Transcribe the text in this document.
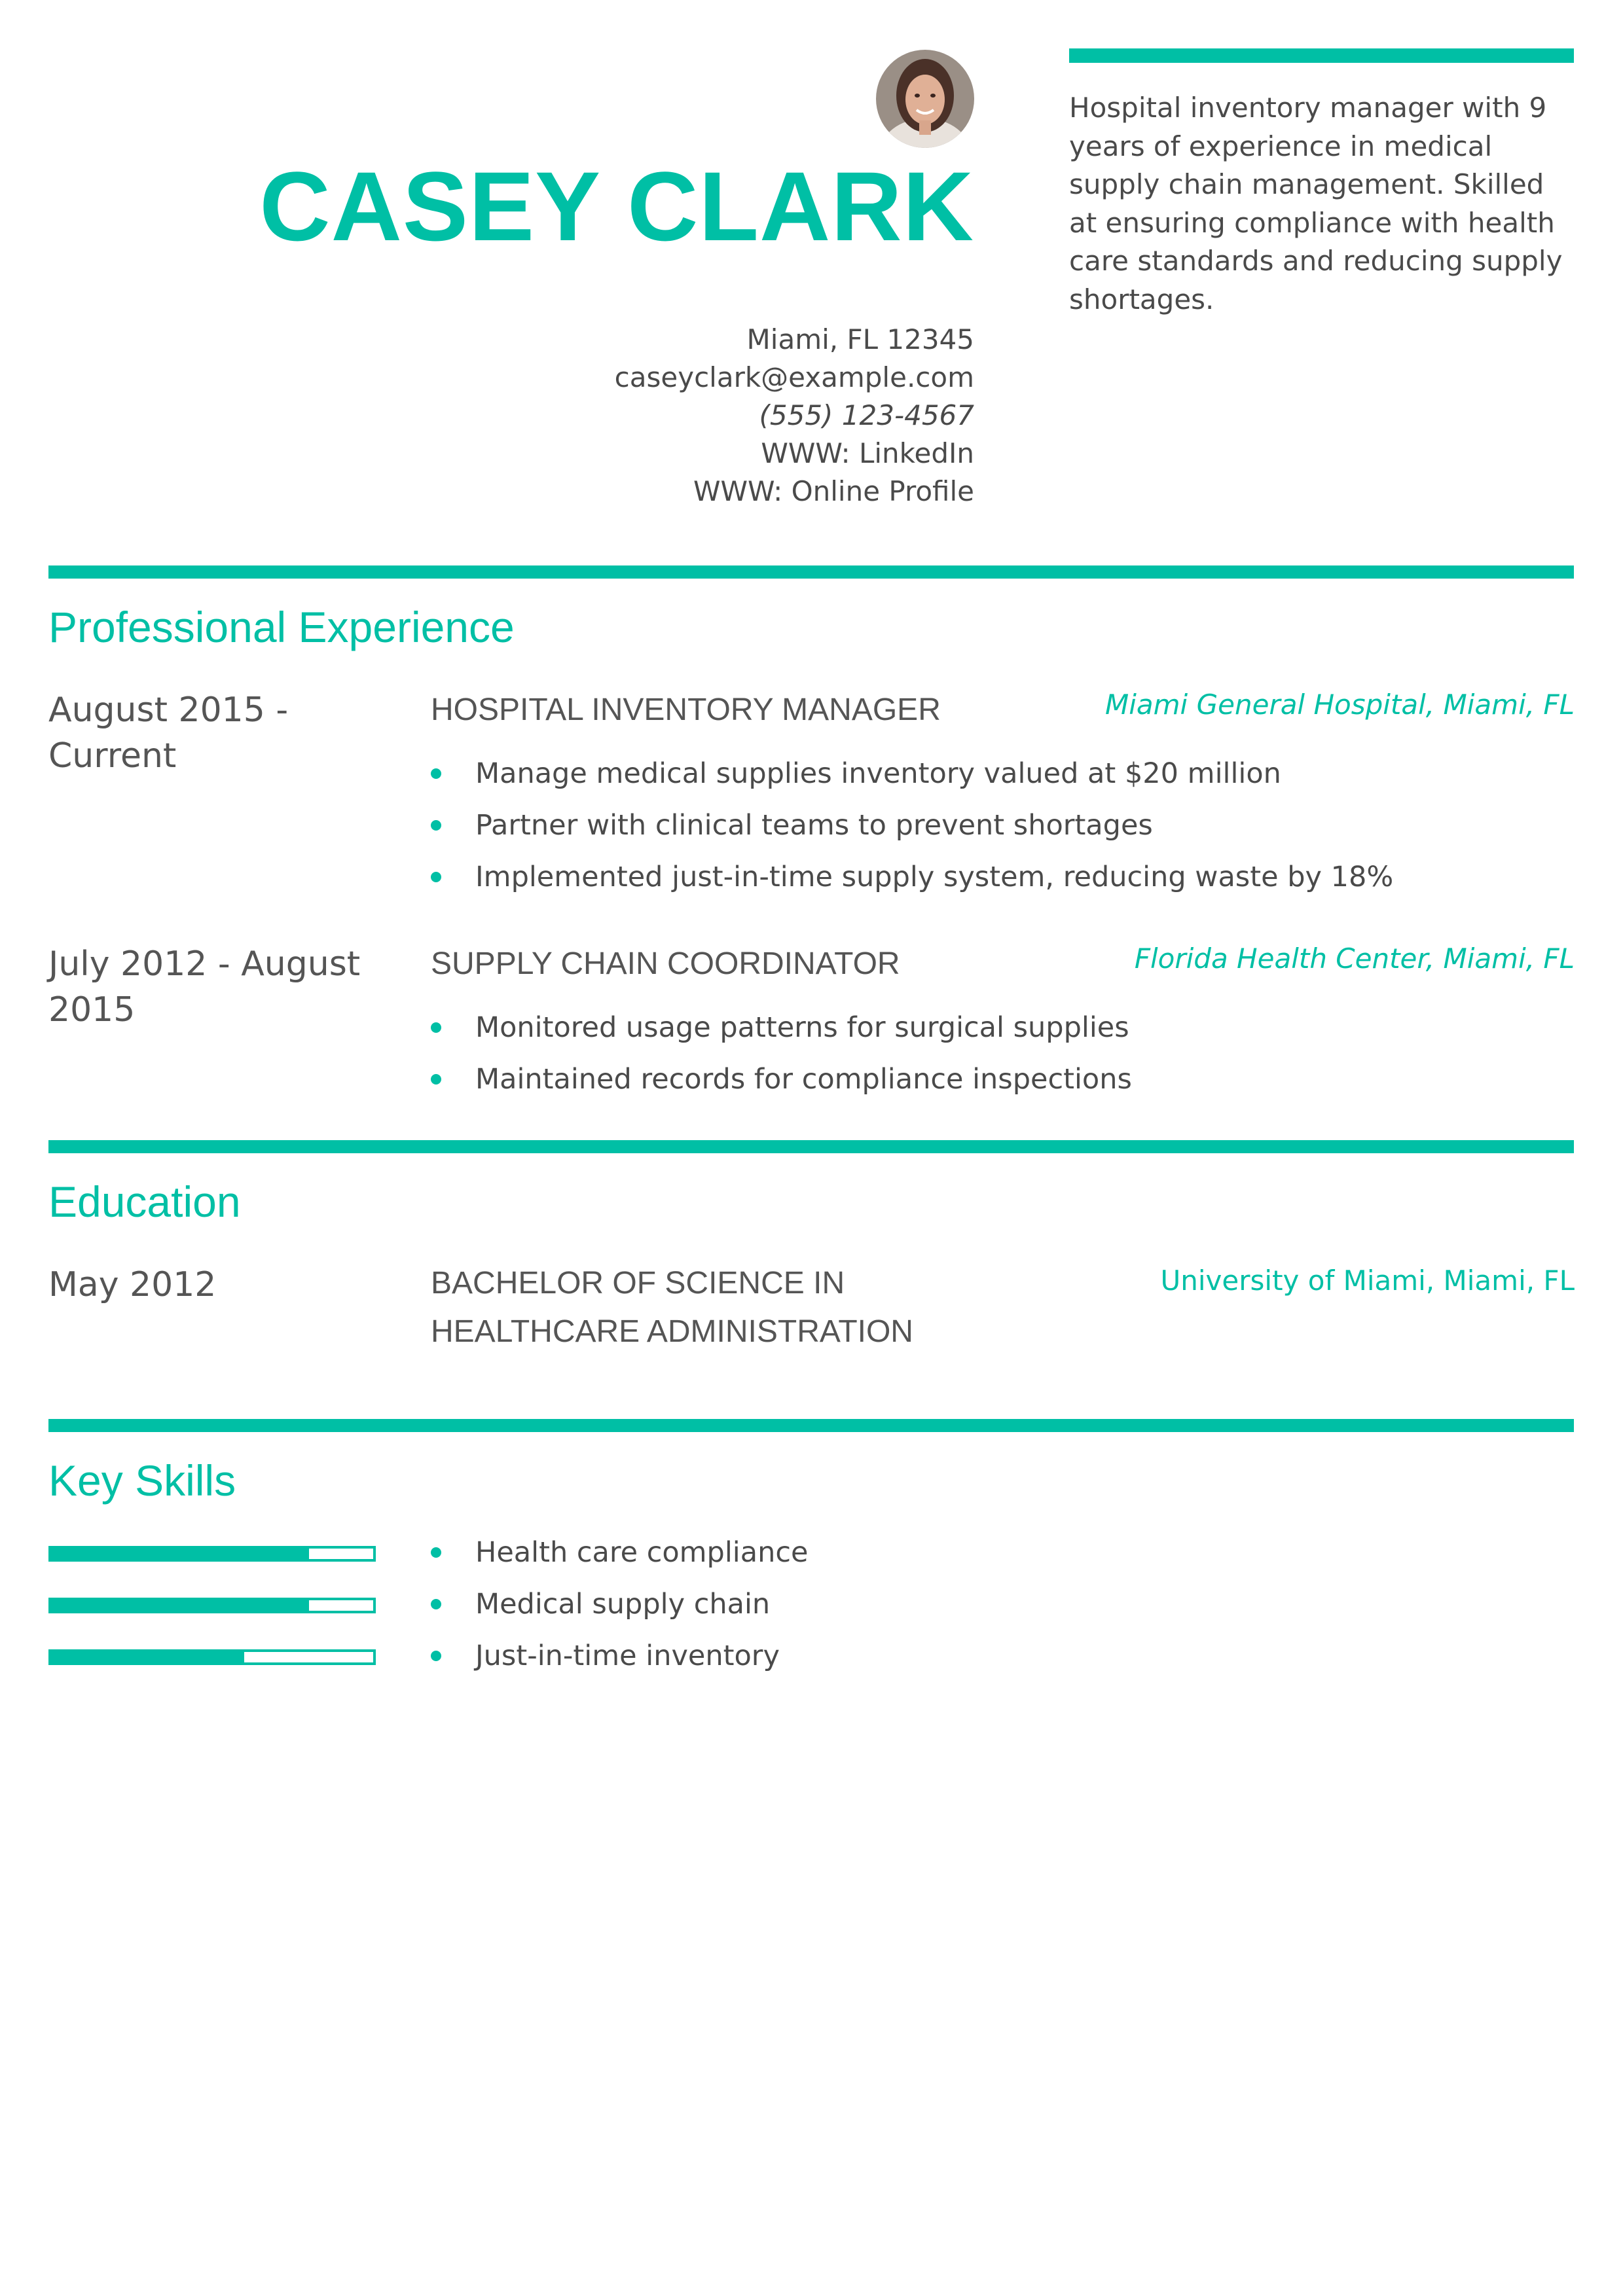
CASEY CLARK
Miami, FL 12345
caseyclark@example.com
(555) 123-4567
WWW: LinkedIn
WWW: Online Profile
Hospital inventory manager with 9 years of experience in medical supply chain management. Skilled at ensuring compliance with health care standards and reducing supply shortages.
Professional Experience
August 2015 - Current
HOSPITAL INVENTORY MANAGER	Miami General Hospital, Miami, FL
Manage medical supplies inventory valued at $20 million
Partner with clinical teams to prevent shortages
Implemented just-in-time supply system, reducing waste by 18%
July 2012 - August 2015
SUPPLY CHAIN COORDINATOR	Florida Health Center, Miami, FL
Monitored usage patterns for surgical supplies
Maintained records for compliance inspections
Education
May 2012	BACHELOR OF SCIENCE IN HEALTHCARE ADMINISTRATION
University of Miami, Miami, FL
Key Skills
Health care compliance
Medical supply chain
Just-in-time inventory
